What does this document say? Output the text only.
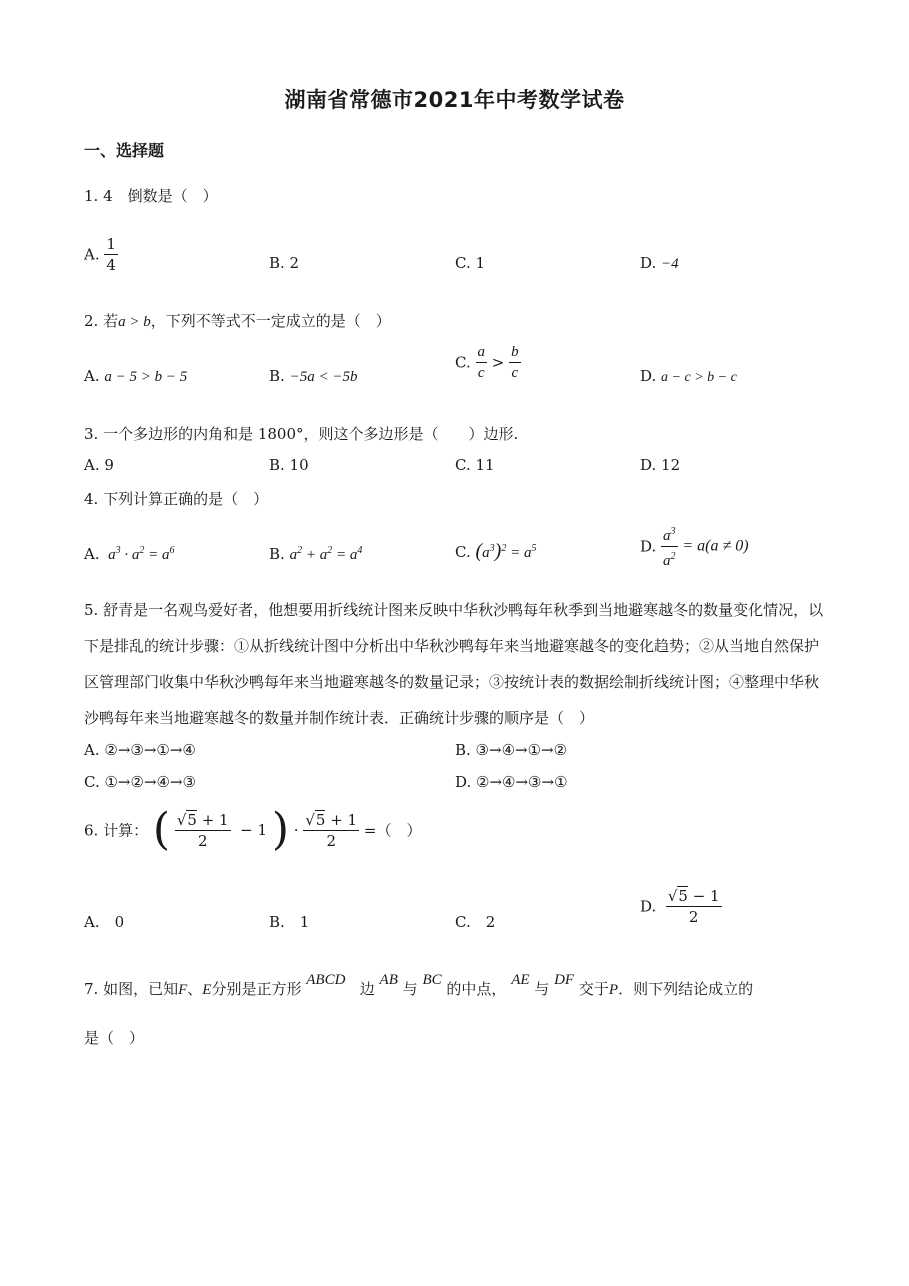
湖南省常德市2021年中考数学试卷
一、选择题
1. 4　倒数是（　）
A. $\frac{1}{4}$	B. 2	C. 1	D. −4
2. 若a > b，下列不等式不一定成立的是（　）
A. a − 5 > b − 5	B. −5a < −5b
C. $\frac{a}{c} > \frac{b}{c}$	D. a − c > b − c
3. 一个多边形的内角和是 1800°，则这个多边形是（　　）边形.
A. 9	B. 10	C. 11	D. 12
4. 下列计算正确的是（　）
A.  $a^3 \cdot a^2 = a^6$	B. $a^2 + a^2 = a^4$	C. $(a^3)^2 = a^5$	D. $\frac{a^3}{a^2} = a(a \ne 0)$
5. 舒青是一名观鸟爱好者，他想要用折线统计图来反映中华秋沙鸭每年秋季到当地避寒越冬的数量变化情况，以下是排乱的统计步骤：①从折线统计图中分析出中华秋沙鸭每年来当地避寒越冬的变化趋势；②从当地自然保护区管理部门收集中华秋沙鸭每年来当地避寒越冬的数量记录；③按统计表的数据绘制折线统计图；④整理中华秋沙鸭每年来当地避寒越冬的数量并制作统计表．正确统计步骤的顺序是（　）
A. ②→③→①→④	B. ③→④→①→②
C. ①→②→④→③	D. ②→④→③→①
6. 计算： ( $\frac{√5 + 1}{2} - 1$ ) · $\frac{√5 + 1}{2}$ =（　）
A.　0	B.　1	C.　2
D. $\frac{√5 - 1}{2}$
7. 如图，已知F、E分别是正方形 ABCD 边 AB 与 BC 的中点， AE 与 DF 交于P．则下列结论成立的
是（　）
